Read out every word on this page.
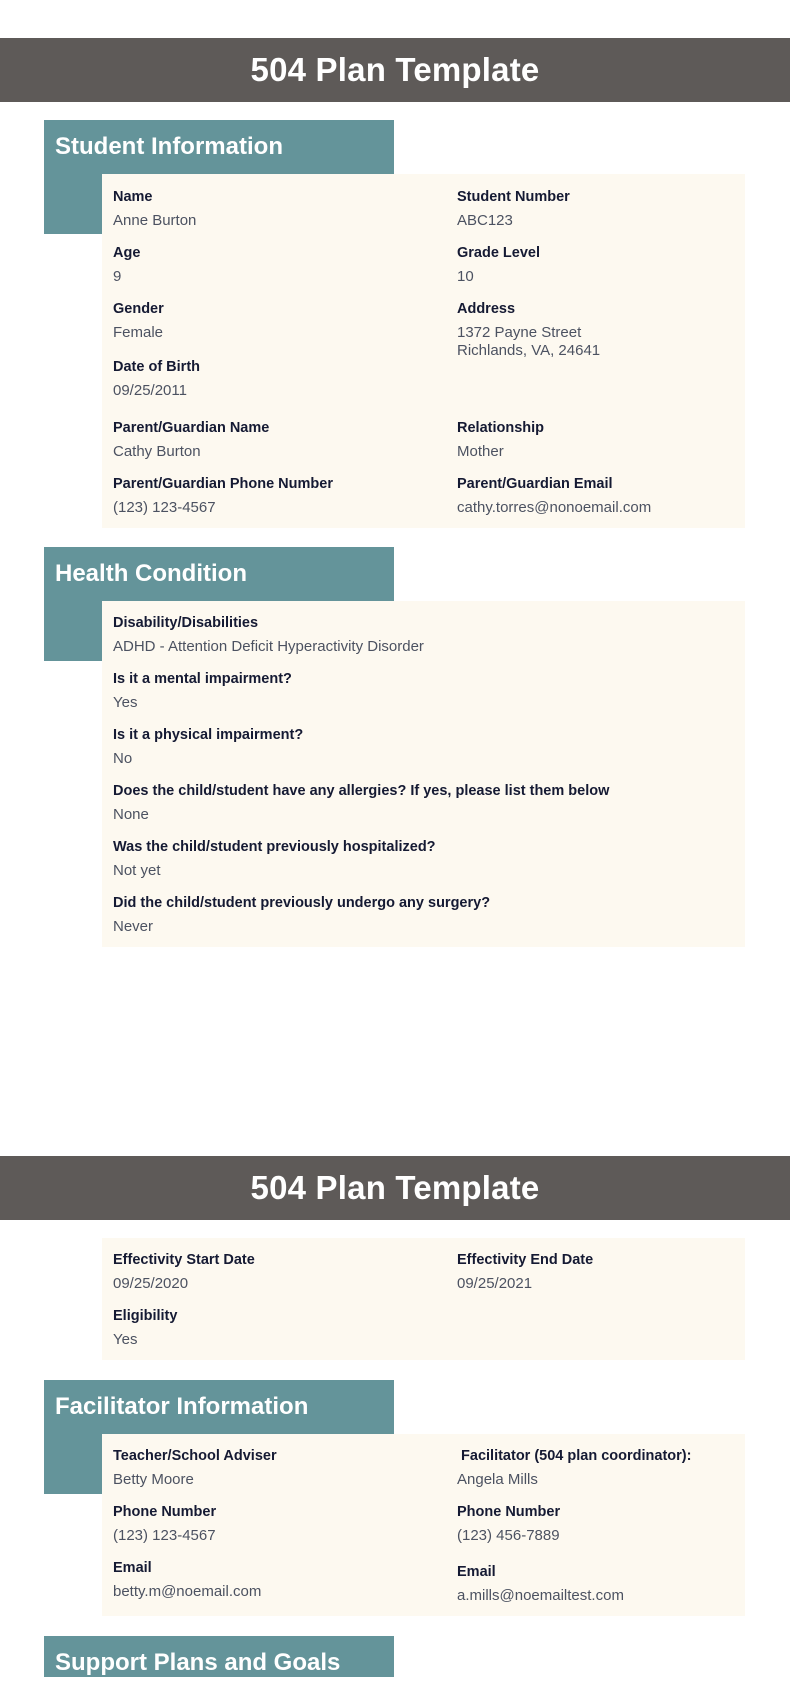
504 Plan Template
Student Information
Name
Anne Burton
Student Number
ABC123
Age
9
Grade Level
10
Gender
Female
Address
1372 Payne Street
Richlands, VA, 24641
Date of Birth
09/25/2011
Parent/Guardian Name
Cathy Burton
Relationship
Mother
Parent/Guardian Phone Number
(123) 123-4567
Parent/Guardian Email
cathy.torres@nonoemail.com
Health Condition
Disability/Disabilities
ADHD - Attention Deficit Hyperactivity Disorder
Is it a mental impairment?
Yes
Is it a physical impairment?
No
Does the child/student have any allergies? If yes, please list them below
None
Was the child/student previously hospitalized?
Not yet
Did the child/student previously undergo any surgery?
Never
504 Plan Template
Effectivity Start Date
09/25/2020
Effectivity End Date
09/25/2021
Eligibility
Yes
Facilitator Information
Teacher/School Adviser
Betty Moore
Facilitator (504 plan coordinator):
Angela Mills
Phone Number
(123) 123-4567
Phone Number
(123) 456-7889
Email
betty.m@noemail.com
Email
a.mills@noemailtest.com
Support Plans and Goals
